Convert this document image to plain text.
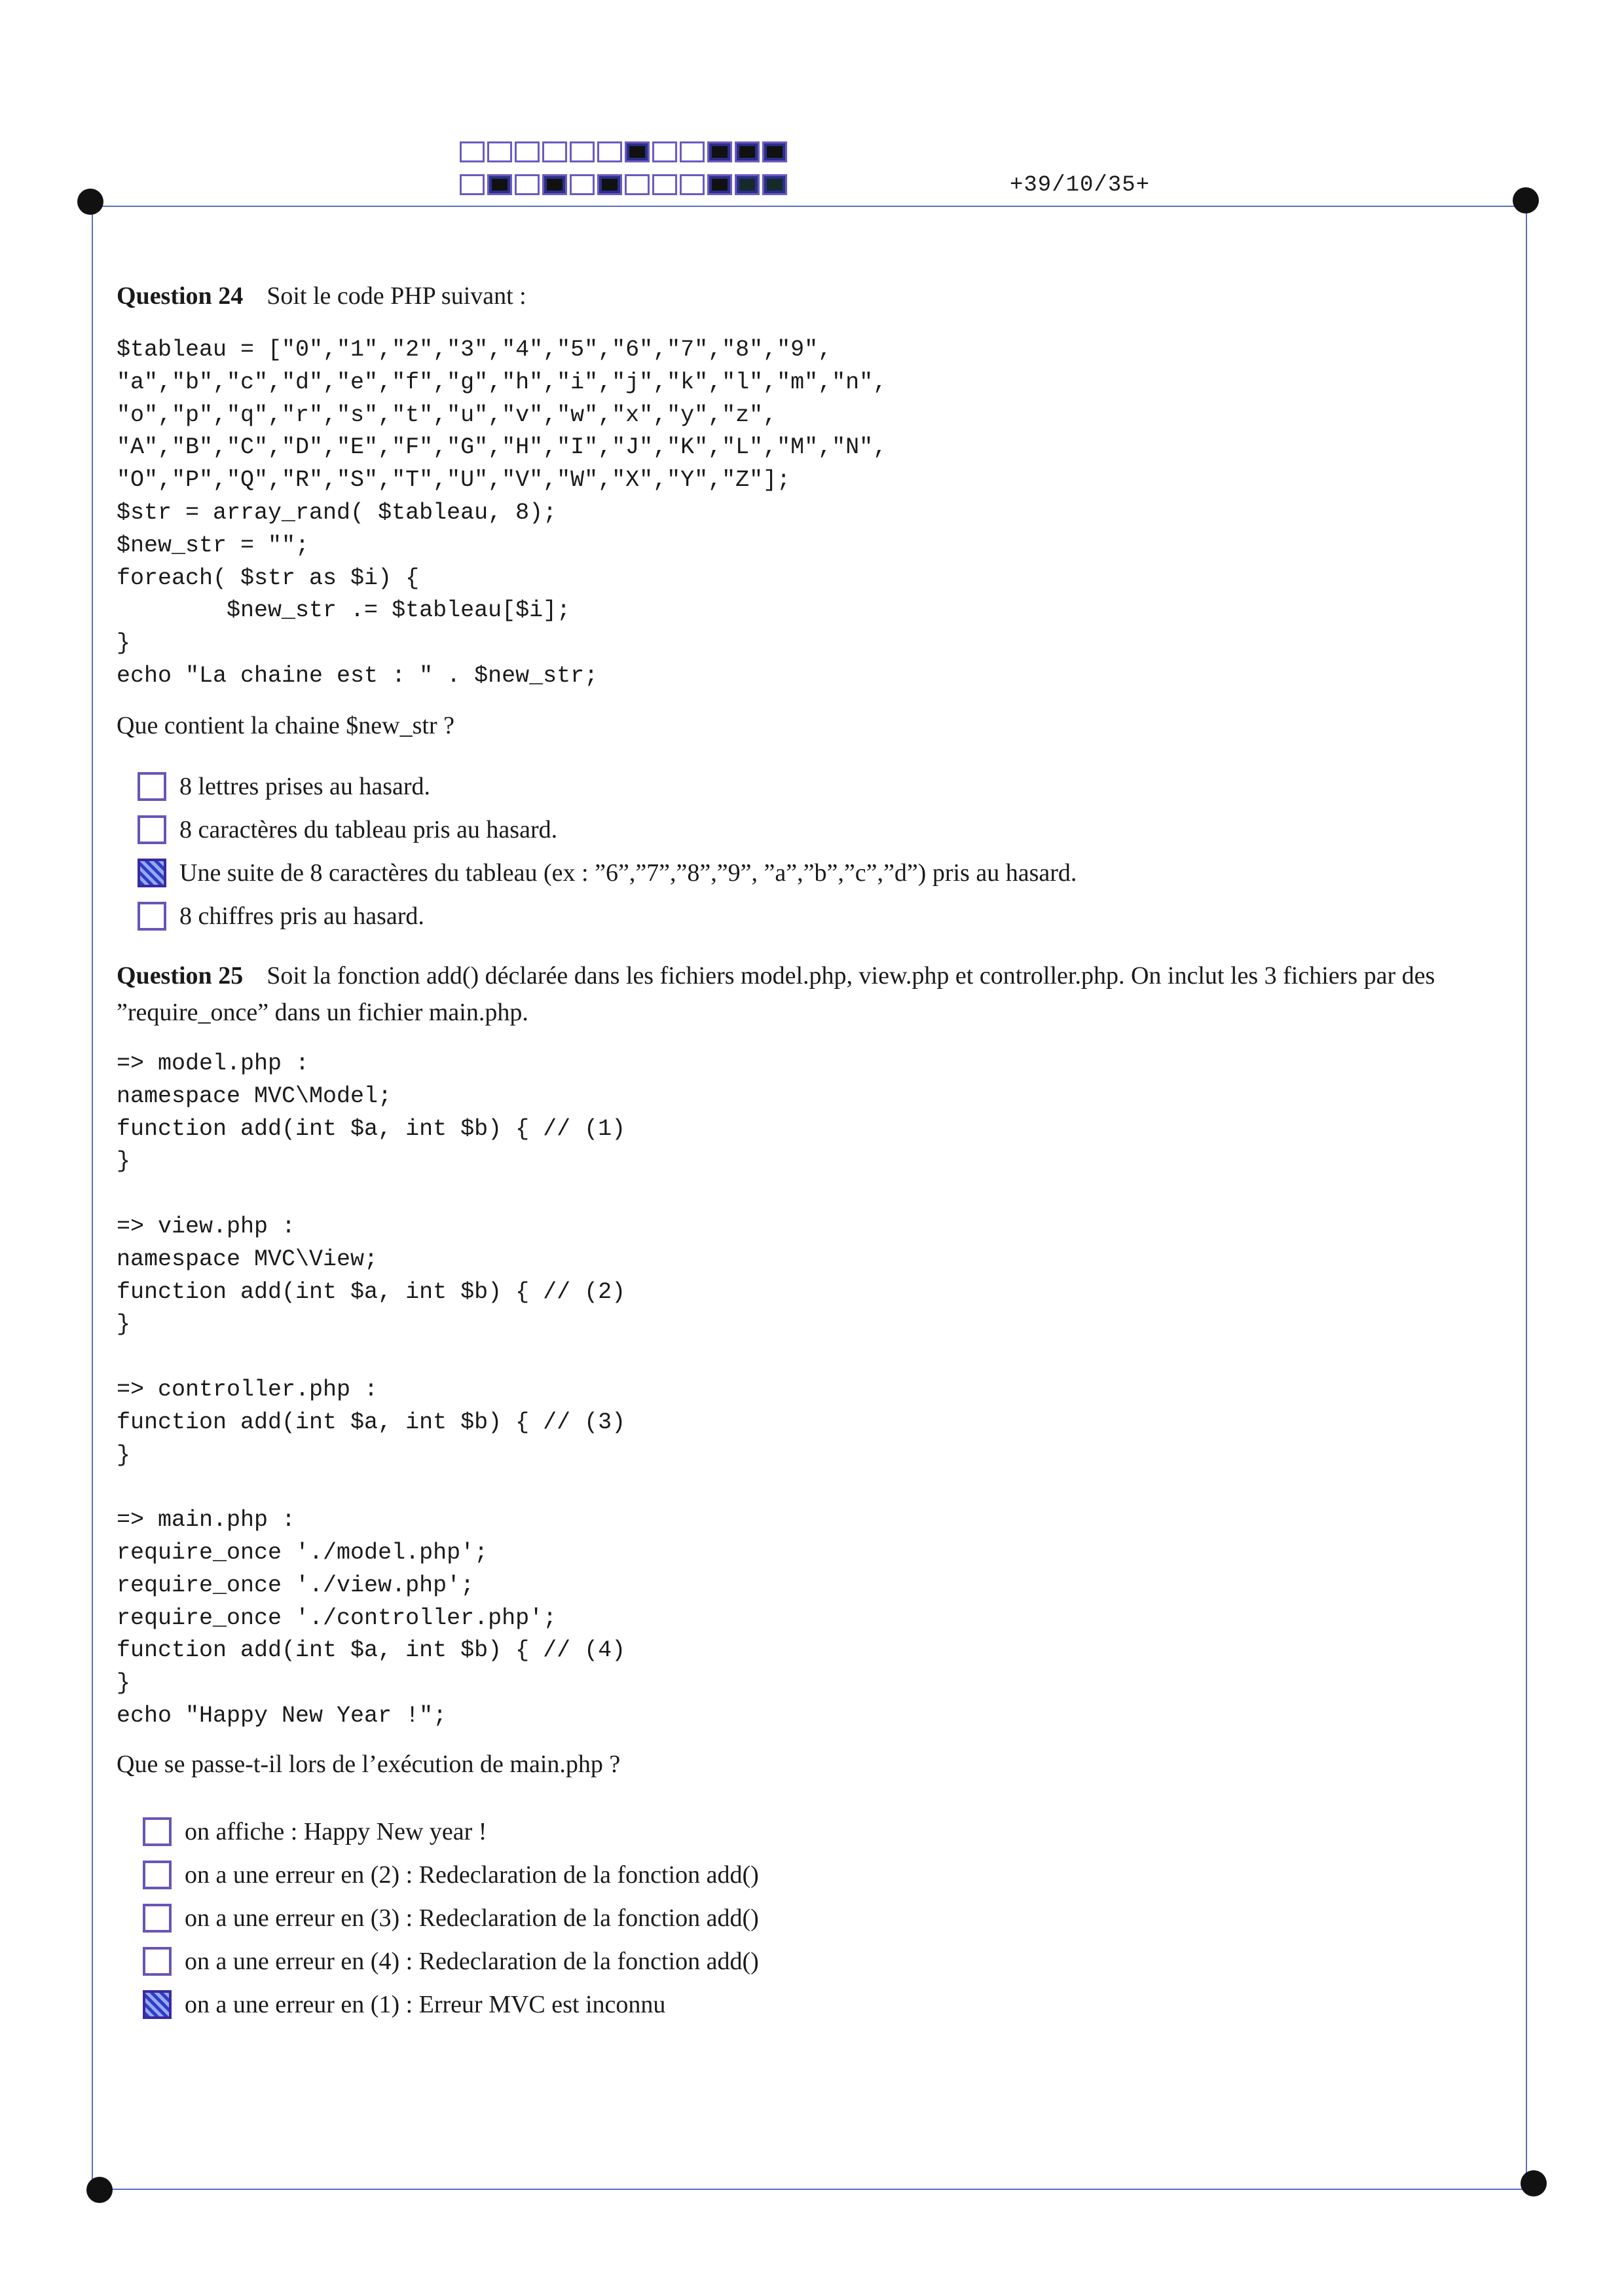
+39/10/35+
Question 24 Soit le code PHP suivant :
$tableau = ["0","1","2","3","4","5","6","7","8","9",
"a","b","c","d","e","f","g","h","i","j","k","l","m","n",
"o","p","q","r","s","t","u","v","w","x","y","z",
"A","B","C","D","E","F","G","H","I","J","K","L","M","N",
"O","P","Q","R","S","T","U","V","W","X","Y","Z"];
$str = array_rand( $tableau, 8);
$new_str = "";
foreach( $str as $i) {
$new_str .= $tableau[$i];
}
echo "La chaine est : " . $new_str;
Que contient la chaine $new_str ?
8 lettres prises au hasard.
8 caractères du tableau pris au hasard.
Une suite de 8 caractères du tableau (ex : ”6”,”7”,”8”,”9”, ”a”,”b”,”c”,”d”) pris au hasard.
8 chiffres pris au hasard.
Question 25 Soit la fonction add() déclarée dans les fichiers model.php, view.php et controller.php. On inclut les 3 fichiers par des ”require_once” dans un fichier main.php.
=> model.php :
namespace MVC\Model;
function add(int $a, int $b) { // (1)
}

=> view.php :
namespace MVC\View;
function add(int $a, int $b) { // (2)
}

=> controller.php :
function add(int $a, int $b) { // (3)
}

=> main.php :
require_once './model.php';
require_once './view.php';
require_once './controller.php';
function add(int $a, int $b) { // (4)
}
echo "Happy New Year !";
Que se passe-t-il lors de l’exécution de main.php ?
on affiche : Happy New year !
on a une erreur en (2) : Redeclaration de la fonction add()
on a une erreur en (3) : Redeclaration de la fonction add()
on a une erreur en (4) : Redeclaration de la fonction add()
on a une erreur en (1) : Erreur MVC est inconnu
